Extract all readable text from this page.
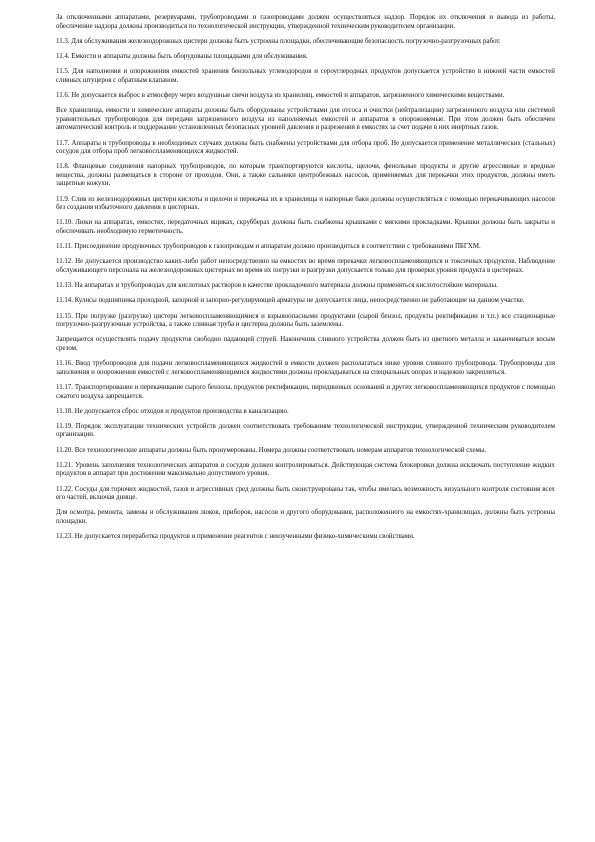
За отключенными аппаратами, резервуарами, трубопроводами и газопроводами должен осуществляться надзор. Порядок их отключения и вывода из работы, обеспечение надзора должны производиться по технологической инструкции, утвержденной техническим руководителем организации.

11.3. Для обслуживания железнодорожных цистерн должны быть устроены площадки, обеспечивающие безопасность погрузочно-разгрузочных работ.

11.4. Емкости и аппараты должны быть оборудованы площадками для обслуживания.

11.5. Для наполнения и опорожнения емкостей хранения бензольных углеводородов и сероуглеродных продуктов допускается устройство в нижней части емкостей сливных штуцеров с обратным клапаном.

11.6. Не допускается выброс в атмосферу через воздушные свечи воздуха из хранилищ, емкостей и аппаратов, загрязненного химическими веществами.

Все хранилища, емкости и химические аппараты должны быть оборудованы устройствами для отсоса и очистки (нейтрализации) загрязненного воздуха или системой уравнительных трубопроводов для передачи загрязненного воздуха из наполняемых емкостей и аппаратов в опорожняемые. При этом должен быть обеспечен автоматический контроль и поддержание установленных безопасных уровней давления и разрежения в емкостях за счет подачи в них инертных газов.

11.7. Аппараты и трубопроводы в необходимых случаях должны быть снабжены устройствами для отбора проб. Не допускается применение металлических (стальных) сосудов для отбора проб легковоспламеняющихся жидкостей.

11.8. Фланцевые соединения напорных трубопроводов, по которым транспортируются кислоты, щелочи, фенольные продукты и другие агрессивные и вредные вещества, должны размещаться в стороне от проходов. Они, а также сальники центробежных насосов, применяемых для перекачки этих продуктов, должны иметь защитные кожухи.

11.9. Слив из железнодорожных цистерн кислоты и щелочи и перекачка их в хранилища и напорные баки должны осуществляться с помощью перекачивающих насосов без создания избыточного давления в цистернах.

11.10. Люки на аппаратах, емкостях, передаточных ящиках, скрубберах должны быть снабжены крышками с мягкими прокладками. Крышки должны быть закрыты и обеспечивать необходимую герметичность.

11.11. Присоединение продувочных трубопроводов к газопроводам и аппаратам должно производиться в соответствии с требованиями ПБГХМ.

11.12. Не допускается производство каких-либо работ непосредственно на емкостях во время перекачки легковоспламеняющихся и токсичных продуктов. Наблюдение обслуживающего персонала на железнодорожных цистернах во время их погрузки и разгрузки допускается только для проверки уровня продукта в цистернах.

11.13. На аппаратах и трубопроводах для кислотных растворов в качестве прокладочного материала должны применяться кислотостойкие материалы.

11.14. Кулисы подшипника проходной, запорной и запорно-регулирующей арматуры не допускается лица, непосредственно не работающие на данном участке.

11.15. При погрузке (разгрузке) цистерн легковоспламеняющимися и взрывоопасными продуктами (сырой бензол, продукты ректификации и т.п.) все стационарные погрузочно-разгрузочные устройства, а также сливная труба и цистерна должны быть заземлены.

Запрещается осуществлять подачу продуктов свободно падающей струей. Наконечник сливного устройства должен быть из цветного металла и заканчиваться косым срезом.

11.16. Ввод трубопроводов для подачи легковоспламеняющихся жидкостей в емкости должен располагаться ниже уровня сливного трубопровода. Трубопроводы для заполнения и опорожнения емкостей с легковоспламеняющимися жидкостями должны прокладываться на специальных опорах и надежно закрепляться.

11.17. Транспортирование и перекачивание сырого бензола, продуктов ректификации, пиридиновых оснований и других легковоспламеняющихся продуктов с помощью сжатого воздуха запрещается.

11.18. Не допускается сброс отходов и продуктов производства в канализацию.

11.19. Порядок эксплуатации технических устройств должен соответствовать требованиям технологической инструкции, утвержденной техническим руководителем организации.

11.20. Все технологические аппараты должны быть пронумерованы. Номера должны соответствовать номерам аппаратов технологической схемы.

11.21. Уровень заполнения технологических аппаратов и сосудов должен контролироваться. Действующая система блокировки должна исключать поступление жидких продуктов в аппарат при достижении максимально допустимого уровня.

11.22. Сосуды для горючих жидкостей, газов и агрессивных сред должны быть сконструированы так, чтобы имелась возможность визуального контроля состояния всех его частей, включая днище.

Для осмотра, ремонта, замены и обслуживания люков, приборов, насосов и другого оборудования, расположенного на емкостях-хранилищах, должны быть устроены площадки.

11.23. Не допускается переработка продуктов и применение реагентов с неизученными физико-химическими свойствами.
